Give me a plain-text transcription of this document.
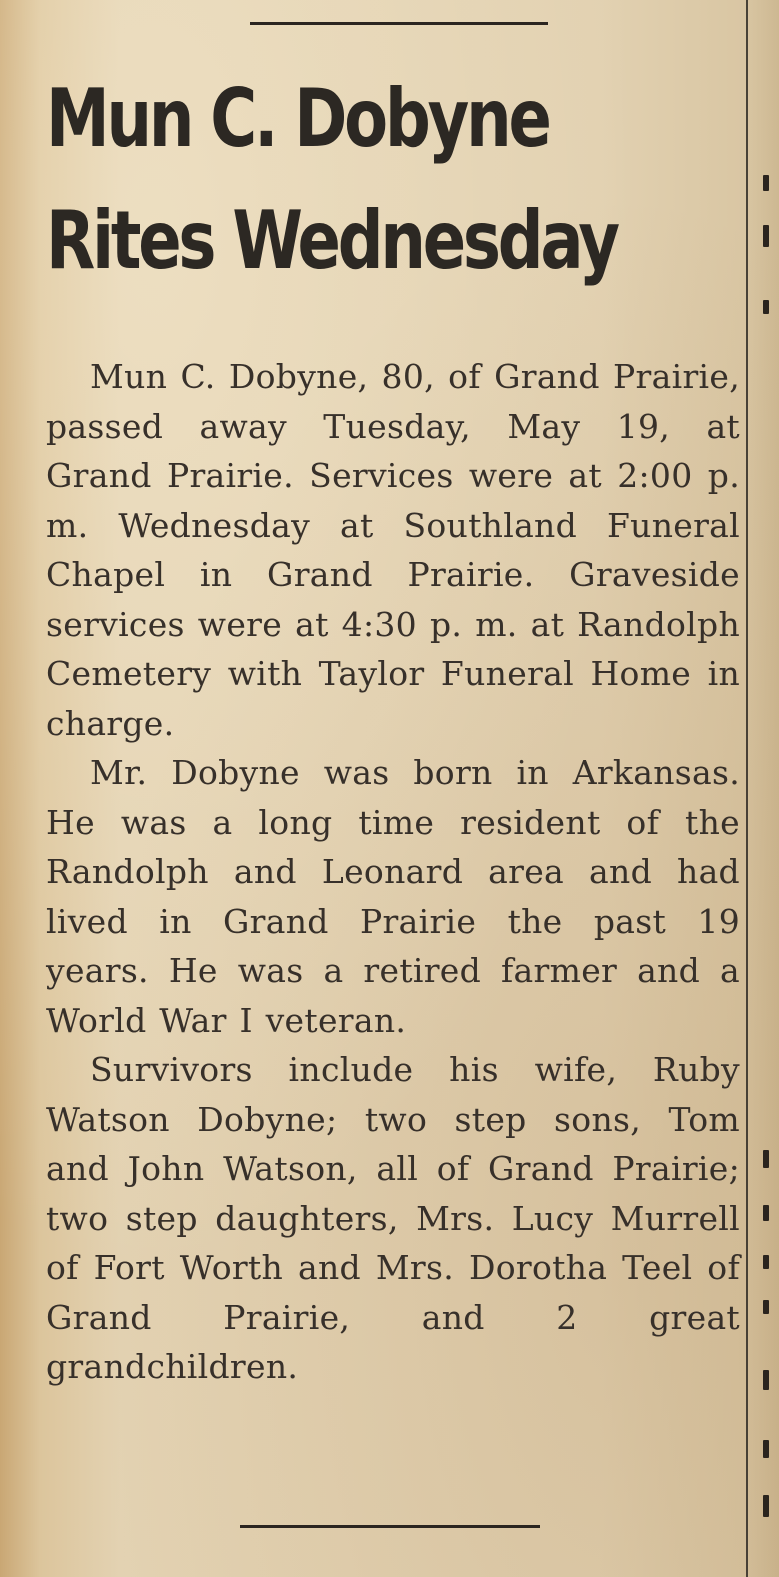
Mun C. Dobyne
Rites Wednesday

Mun C. Dobyne, 80, of Grand Prairie, passed away Tuesday, May 19, at Grand Prairie. Services were at 2:00 p. m. Wednesday at Southland Funeral Chapel in Grand Prairie. Graveside services were at 4:30 p. m. at Randolph Cemetery with Taylor Funeral Home in charge.

Mr. Dobyne was born in Arkansas. He was a long time resident of the Randolph and Leonard area and had lived in Grand Prairie the past 19 years. He was a retired farmer and a World War I veteran.

Survivors include his wife, Ruby Watson Dobyne; two step sons, Tom and John Watson, all of Grand Prairie; two step daughters, Mrs. Lucy Murrell of Fort Worth and Mrs. Dorotha Teel of Grand Prairie, and 2 great grandchildren.
